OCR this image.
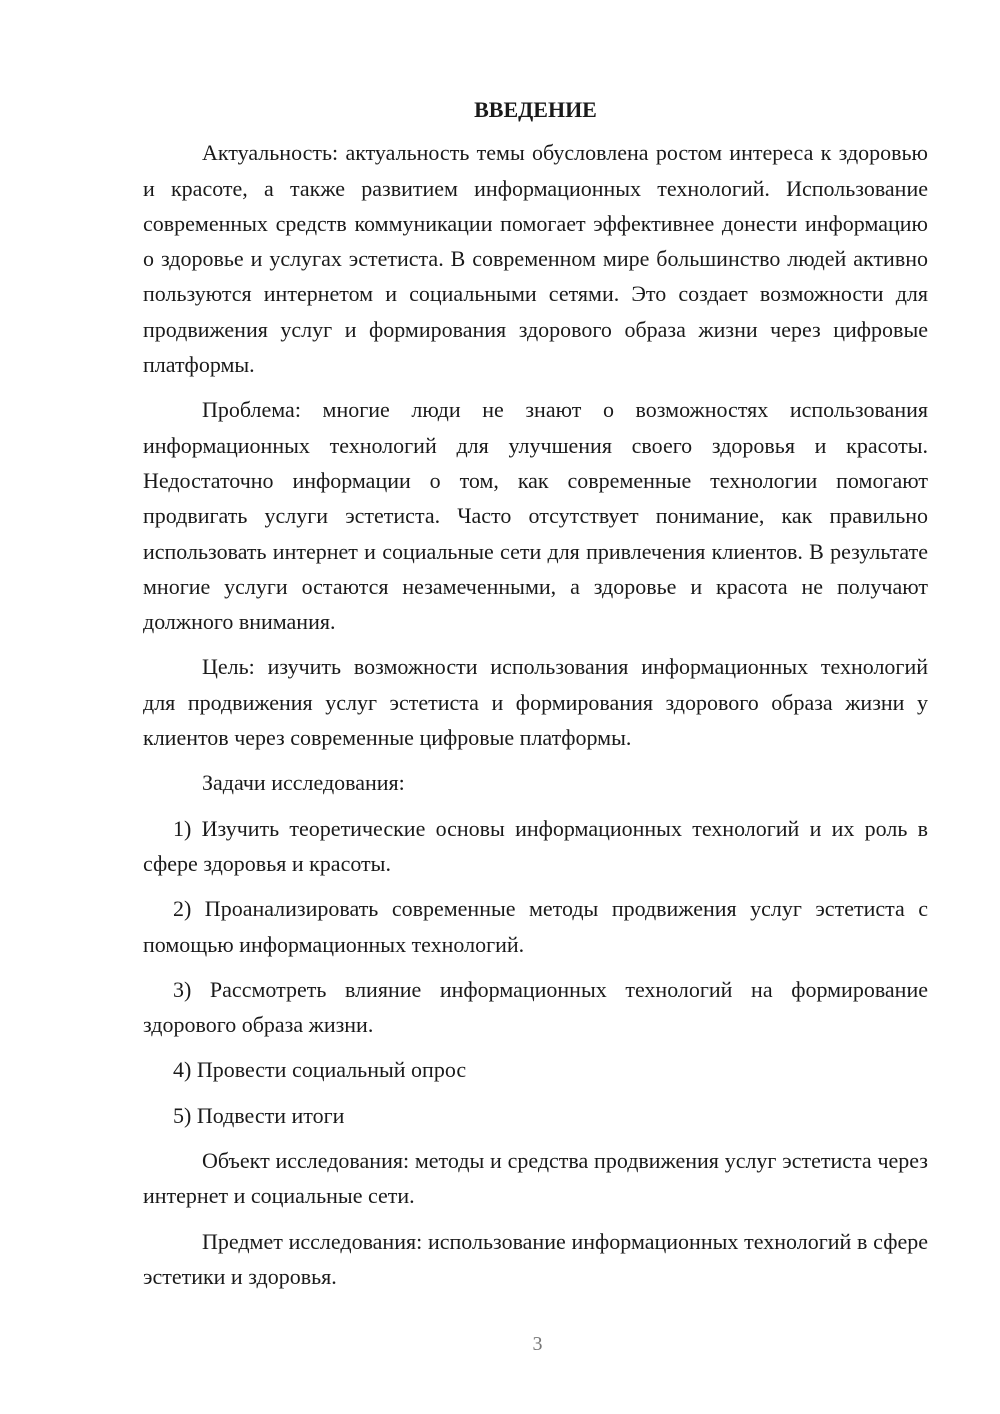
ВВЕДЕНИЕ

Актуальность: актуальность темы обусловлена ростом интереса к здоровью и красоте, а также развитием информационных технологий. Использование современных средств коммуникации помогает эффективнее донести информацию о здоровье и услугах эстетиста. В современном мире большинство людей активно пользуются интернетом и социальными сетями. Это создает возможности для продвижения услуг и формирования здорового образа жизни через цифровые платформы.

Проблема: многие люди не знают о возможностях использования информационных технологий для улучшения своего здоровья и красоты. Недостаточно информации о том, как современные технологии помогают продвигать услуги эстетиста. Часто отсутствует понимание, как правильно использовать интернет и социальные сети для привлечения клиентов. В результате многие услуги остаются незамеченными, а здоровье и красота не получают должного внимания.

Цель: изучить возможности использования информационных технологий для продвижения услуг эстетиста и формирования здорового образа жизни у клиентов через современные цифровые платформы.

Задачи исследования:

1) Изучить теоретические основы информационных технологий и их роль в сфере здоровья и красоты.

2) Проанализировать современные методы продвижения услуг эстетиста с помощью информационных технологий.

3) Рассмотреть влияние информационных технологий на формирование здорового образа жизни.

4) Провести социальный опрос

5) Подвести итоги

Объект исследования: методы и средства продвижения услуг эстетиста через интернет и социальные сети.

Предмет исследования: использование информационных технологий в сфере эстетики и здоровья.

3
